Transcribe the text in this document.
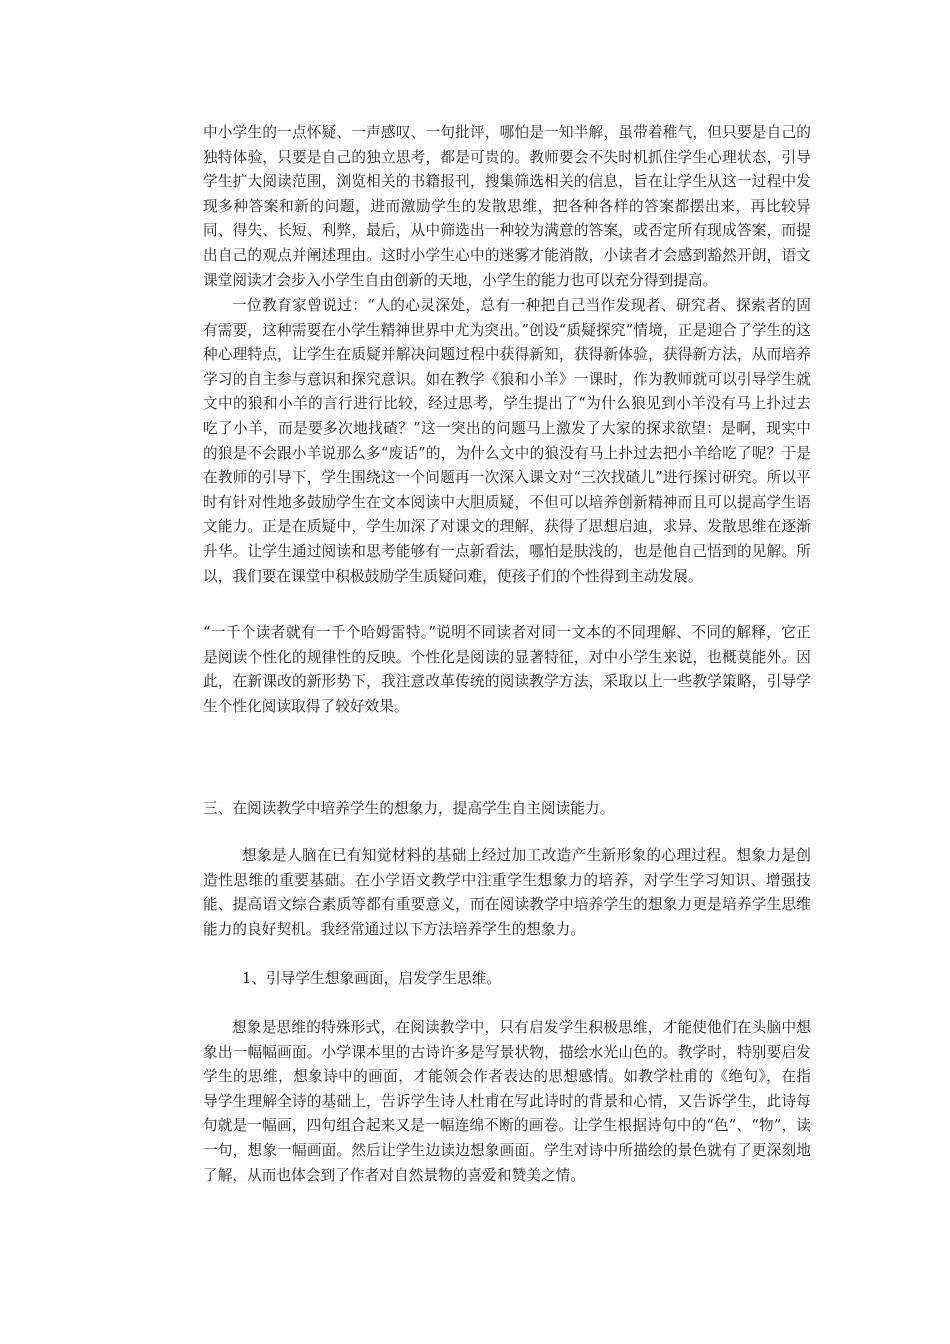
中小学生的一点怀疑、一声感叹、一句批评，哪怕是一知半解，虽带着稚气，但只要是自己的独特体验，只要是自己的独立思考，都是可贵的。教师要会不失时机抓住学生心理状态，引导学生扩大阅读范围，浏览相关的书籍报刊，搜集筛选相关的信息，旨在让学生从这一过程中发现多种答案和新的问题，进而激励学生的发散思维，把各种各样的答案都摆出来，再比较异同、得失、长短、利弊，最后，从中筛选出一种较为满意的答案，或否定所有现成答案，而提出自己的观点并阐述理由。这时小学生心中的迷雾才能消散，小读者才会感到豁然开朗，语文课堂阅读才会步入小学生自由创新的天地，小学生的能力也可以充分得到提高。

一位教育家曾说过：“人的心灵深处，总有一种把自己当作发现者、研究者、探索者的固有需要，这种需要在小学生精神世界中尤为突出。”创设“质疑探究”情境，正是迎合了学生的这种心理特点，让学生在质疑并解决问题过程中获得新知，获得新体验，获得新方法，从而培养学习的自主参与意识和探究意识。如在教学《狼和小羊》一课时，作为教师就可以引导学生就文中的狼和小羊的言行进行比较，经过思考，学生提出了“为什么狼见到小羊没有马上扑过去吃了小羊，而是要多次地找碴？”这一突出的问题马上激发了大家的探求欲望：是啊，现实中的狼是不会跟小羊说那么多“废话”的，为什么文中的狼没有马上扑过去把小羊给吃了呢？于是在教师的引导下，学生围绕这一个问题再一次深入课文对“三次找碴儿”进行探讨研究。所以平时有针对性地多鼓励学生在文本阅读中大胆质疑，不但可以培养创新精神而且可以提高学生语文能力。正是在质疑中，学生加深了对课文的理解，获得了思想启迪，求异、发散思维在逐渐升华。让学生通过阅读和思考能够有一点新看法，哪怕是肤浅的，也是他自己悟到的见解。所以，我们要在课堂中积极鼓励学生质疑问难，使孩子们的个性得到主动发展。

“一千个读者就有一千个哈姆雷特。”说明不同读者对同一文本的不同理解、不同的解释，它正是阅读个性化的规律性的反映。个性化是阅读的显著特征，对中小学生来说，也概莫能外。因此，在新课改的新形势下，我注意改革传统的阅读教学方法，采取以上一些教学策略，引导学生个性化阅读取得了较好效果。

三、在阅读教学中培养学生的想象力，提高学生自主阅读能力。

想象是人脑在已有知觉材料的基础上经过加工改造产生新形象的心理过程。想象力是创造性思维的重要基础。在小学语文教学中注重学生想象力的培养，对学生学习知识、增强技能、提高语文综合素质等都有重要意义，而在阅读教学中培养学生的想象力更是培养学生思维能力的良好契机。我经常通过以下方法培养学生的想象力。

1、引导学生想象画面，启发学生思维。

想象是思维的特殊形式，在阅读教学中，只有启发学生积极思维，才能使他们在头脑中想象出一幅幅画面。小学课本里的古诗许多是写景状物，描绘水光山色的。教学时，特别要启发学生的思维，想象诗中的画面，才能领会作者表达的思想感情。如教学杜甫的《绝句》，在指导学生理解全诗的基础上，告诉学生诗人杜甫在写此诗时的背景和心情，又告诉学生，此诗每句就是一幅画，四句组合起来又是一幅连绵不断的画卷。让学生根据诗句中的“色”、“物”，读一句，想象一幅画面。然后让学生边读边想象画面。学生对诗中所描绘的景色就有了更深刻地了解，从而也体会到了作者对自然景物的喜爱和赞美之情。
